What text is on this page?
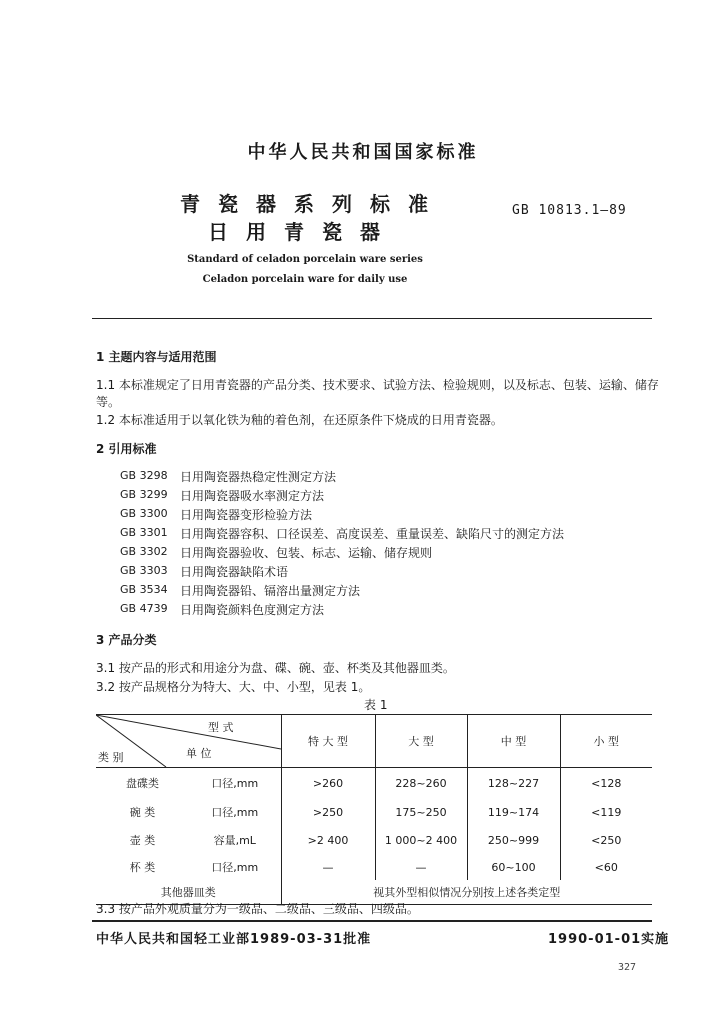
中华人民共和国国家标准
青瓷器系列标准
日用青瓷器
GB 10813.1—89
Standard of celadon porcelain ware series
Celadon porcelain ware for daily use
1 主题内容与适用范围
1.1 本标准规定了日用青瓷器的产品分类、技术要求、试验方法、检验规则，以及标志、包装、运输、储存
等。
1.2 本标准适用于以氧化铁为釉的着色剂，在还原条件下烧成的日用青瓷器。
2 引用标准
GB 3298 日用陶瓷器热稳定性测定方法
GB 3299 日用陶瓷器吸水率测定方法
GB 3300 日用陶瓷器变形检验方法
GB 3301 日用陶瓷器容积、口径误差、高度误差、重量误差、缺陷尺寸的测定方法
GB 3302 日用陶瓷器验收、包装、标志、运输、储存规则
GB 3303 日用陶瓷器缺陷术语
GB 3534 日用陶瓷器铅、镉溶出量测定方法
GB 4739 日用陶瓷颜料色度测定方法
3 产品分类
3.1 按产品的形式和用途分为盘、碟、碗、壶、杯类及其他器皿类。
3.2 按产品规格分为特大、大、中、小型，见表 1。
表 1
型 式
单 位
类 别		特 大 型	大 型	中 型	小 型
盘碟类	口径,mm	>260	228~260	128~227	<128
碗 类	口径,mm	>250	175~250	119~174	<119
壶 类	容量,mL	>2 400	1 000~2 400	250~999	<250
杯 类	口径,mm	—	—	60~100	<60
其他器皿类		视其外型相似情况分别按上述各类定型			
3.3 按产品外观质量分为一级品、二级品、三级品、四级品。
中华人民共和国轻工业部1989-03-31批准	1990-01-01实施
327
